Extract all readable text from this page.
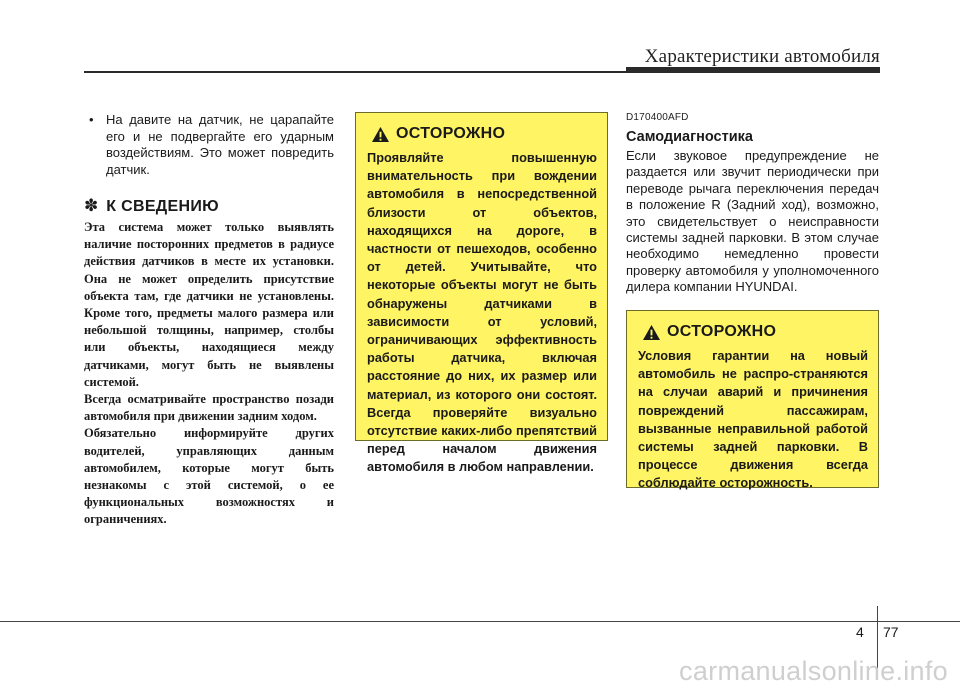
Характеристики автомобиля
• На давите на датчик, не царапайте его и не подвергайте его ударным воздействиям. Это может повредить датчик.
✽ К СВЕДЕНИЮ
Эта система может только выявлять наличие посторонних предметов в радиусе действия датчиков в месте их установки. Она не может определить присутствие объекта там, где датчики не установлены. Кроме того, предметы малого размера или небольшой толщины, например, столбы или объекты, находящиеся между датчиками, могут быть не выявлены системой.
Всегда осматривайте пространство позади автомобиля при движении задним ходом.
Обязательно информируйте других водителей, управляющих данным автомобилем, которые могут быть незнакомы с этой системой, о ее функциональных возможностях и ограничениях.
ОСТОРОЖНО
Проявляйте повышенную внимательность при вождении автомобиля в непосредственной близости от объектов, находящихся на дороге, в частности от пешеходов, особенно от детей. Учитывайте, что некоторые объекты могут не быть обнаружены датчиками в зависимости от условий, ограничивающих эффективность работы датчика, включая расстояние до них, их размер или материал, из которого они состоят. Всегда проверяйте визуально отсутствие каких-либо препятствий перед началом движения автомобиля в любом направлении.
D170400AFD
Самодиагностика
Если звуковое предупреждение не раздается или звучит периодически при переводе рычага переключения передач в положение R (Задний ход), возможно, это свидетельствует о неисправности системы задней парковки. В этом случае необходимо немедленно провести проверку автомобиля у уполномоченного дилера компании HYUNDAI.
ОСТОРОЖНО
Условия гарантии на новый автомобиль не распро-страняются на случаи аварий и причинения повреждений пассажирам, вызванные неправильной работой системы задней парковки. В процессе движения всегда соблюдайте осторожность.
4 77
carmanualsonline.info
